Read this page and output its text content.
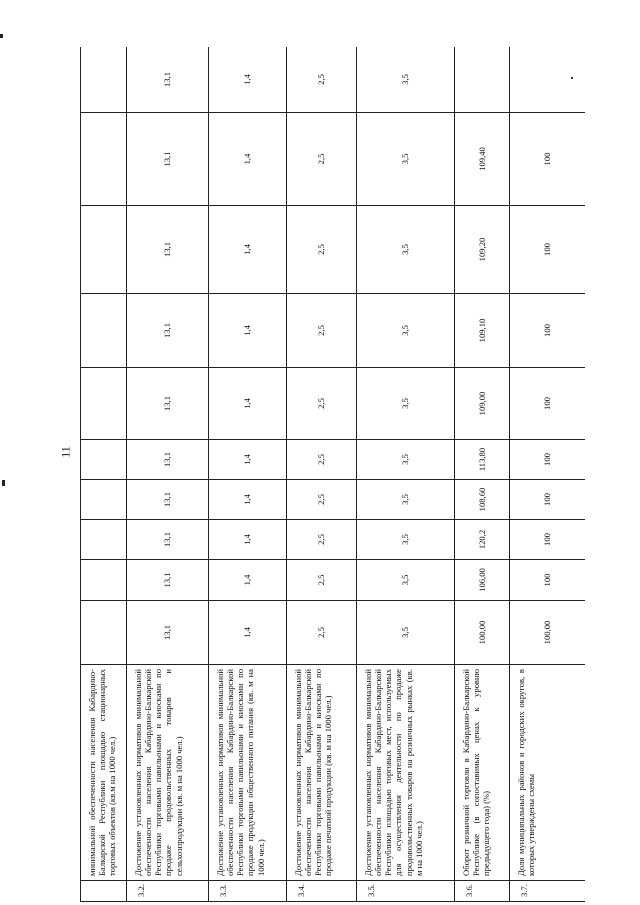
11
	минимальной обеспеченности населения Кабардино-Балкарской Республики площадью стационарных торговых объектов (кв.м на 1000 чел.)										
3.2.	Достижение установленных нормативов минимальной обеспеченности населения Кабардино-Балкарской Республики торговыми павильонами и киосками по продаже продовольственных товаров и сельхозпродукции (кв. м на 1000 чел.)	13,1	13,1	13,1	13,1	13,1	13,1	13,1	13,1	13,1	13,1
3.3.	Достижение установленных нормативов минимальной обеспеченности населения Кабардино-Балкарской Республики торговыми павильонами и киосками по продаже продукции общественного питания (кв. м на 1000 чел.)	1,4	1,4	1,4	1,4	1,4	1,4	1,4	1,4	1,4	1,4
3.4.	Достижение установленных нормативов минимальной обеспеченности населения Кабардино-Балкарской Республики торговыми павильонами и киосками по продаже печатной продукции (кв. м на 1000 чел.)	2,5	2,5	2,5	2,5	2,5	2,5	2,5	2,5	2,5	2,5
3.5.	Достижение установленных нормативов минимальной обеспеченности населения Кабардино-Балкарской Республики площадью торговых мест, используемых для осуществления деятельности по продаже продовольственных товаров на розничных рынках (кв. м на 1000 чел.)	3,5	3,5	3,5	3,5	3,5	3,5	3,5	3,5	3,5	3,5
3.6.	Оборот розничной торговли в Кабардино-Балкарской Республике (в сопоставимых ценах к уровню предыдущего года) (%)	100,00	106,00	120,2	108,60	113,80	109,00	109,10	109,20	109,40	
3.7.	Доля муниципальных районов и городских округов, в которых утверждены схемы	100,00	100	100	100	100	100	100	100	100	
